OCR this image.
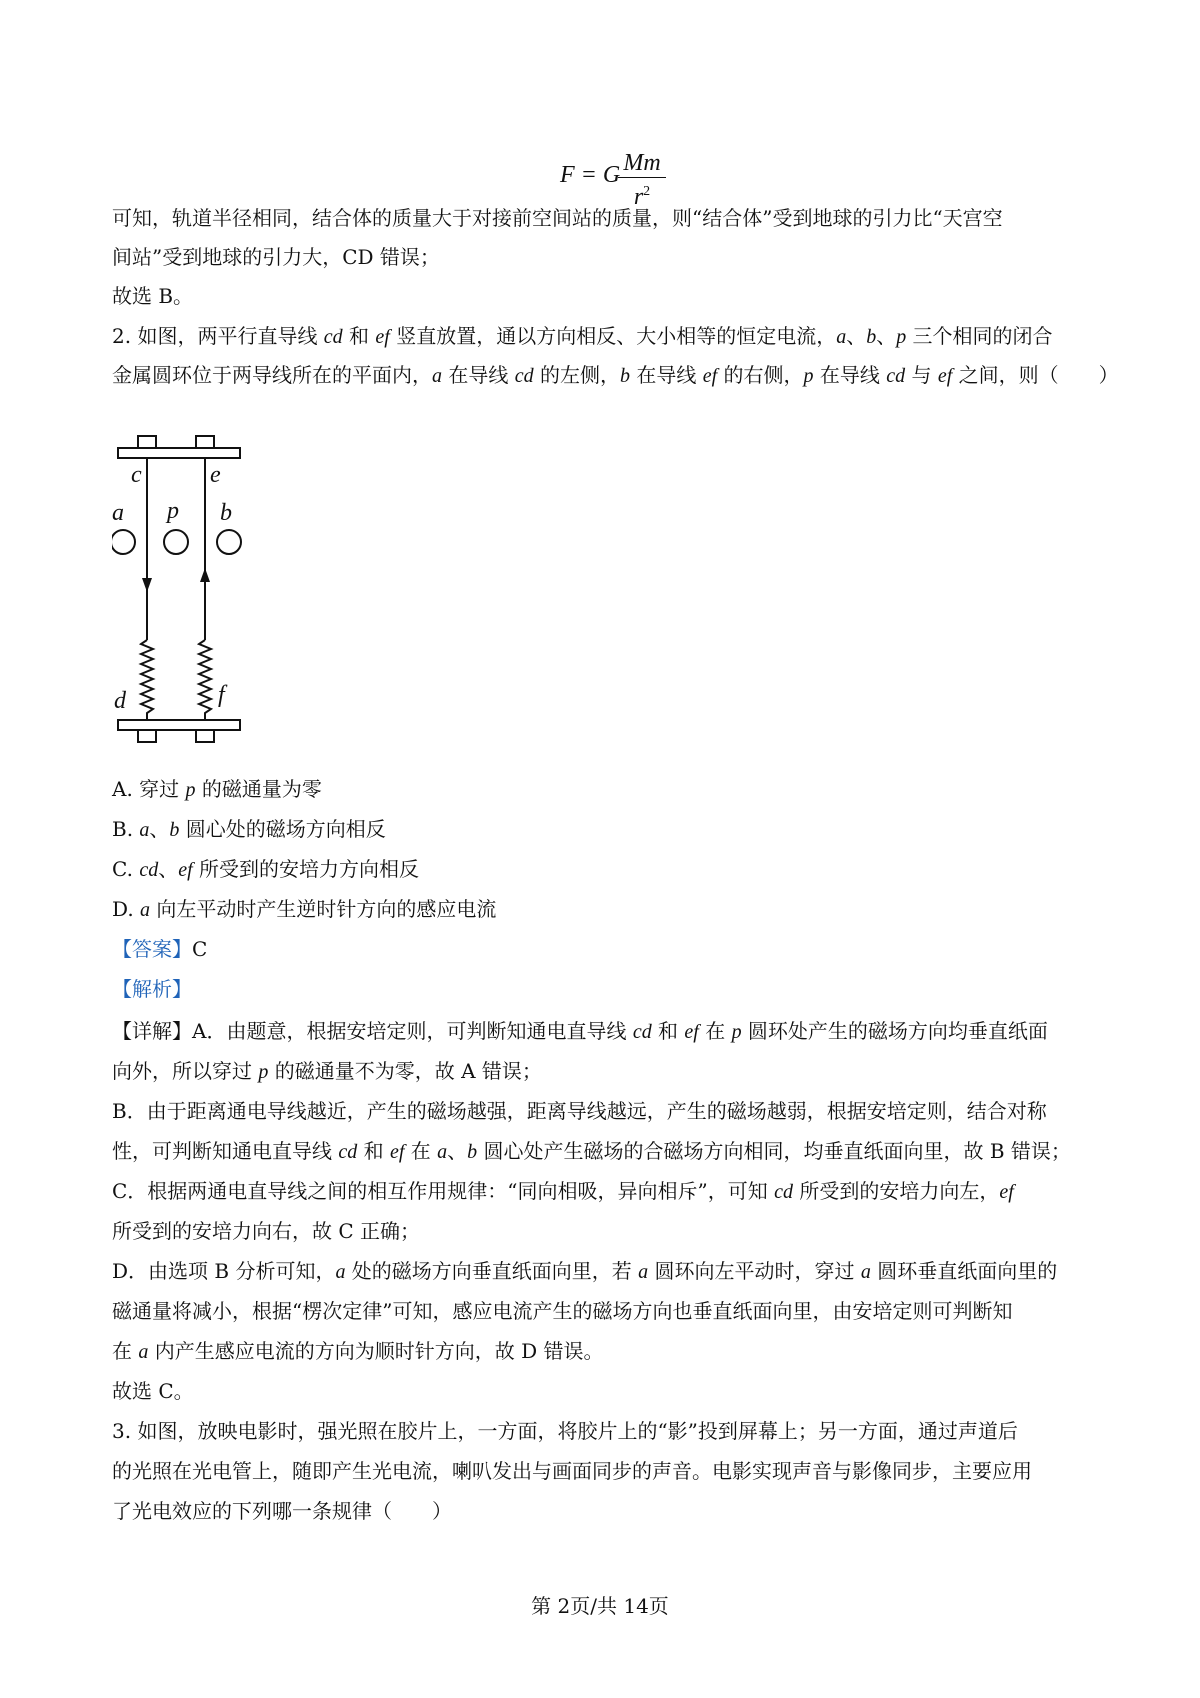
F = G Mm
$r^2$
可知，轨道半径相同，结合体的质量大于对接前空间站的质量，则“结合体”受到地球的引力比“天宫空
间站”受到地球的引力大，CD 错误；
故选 B。
2. 如图，两平行直导线 cd 和 ef 竖直放置，通以方向相反、大小相等的恒定电流，a、b、p 三个相同的闭合
金属圆环位于两导线所在的平面内，a 在导线 cd 的左侧，b 在导线 ef 的右侧，p 在导线 cd 与 ef 之间，则（　　）
c	e
a p b
d	f
A. 穿过 p 的磁通量为零
B. a、b 圆心处的磁场方向相反
C. cd、ef 所受到的安培力方向相反
D. a 向左平动时产生逆时针方向的感应电流
【答案】C
【解析】
【详解】A．由题意，根据安培定则，可判断知通电直导线 cd 和 ef 在 p 圆环处产生的磁场方向均垂直纸面
向外，所以穿过 p 的磁通量不为零，故 A 错误；
B．由于距离通电导线越近，产生的磁场越强，距离导线越远，产生的磁场越弱，根据安培定则，结合对称
性，可判断知通电直导线 cd 和 ef 在 a、b 圆心处产生磁场的合磁场方向相同，均垂直纸面向里，故 B 错误；
C．根据两通电直导线之间的相互作用规律：“同向相吸，异向相斥”，可知 cd 所受到的安培力向左，ef
所受到的安培力向右，故 C 正确；
D．由选项 B 分析可知，a 处的磁场方向垂直纸面向里，若 a 圆环向左平动时，穿过 a 圆环垂直纸面向里的
磁通量将减小，根据“楞次定律”可知，感应电流产生的磁场方向也垂直纸面向里，由安培定则可判断知
在 a 内产生感应电流的方向为顺时针方向，故 D 错误。
故选 C。
3. 如图，放映电影时，强光照在胶片上，一方面，将胶片上的“影”投到屏幕上；另一方面，通过声道后
的光照在光电管上，随即产生光电流，喇叭发出与画面同步的声音。电影实现声音与影像同步，主要应用
了光电效应的下列哪一条规律（　　）
第 2页/共 14页
